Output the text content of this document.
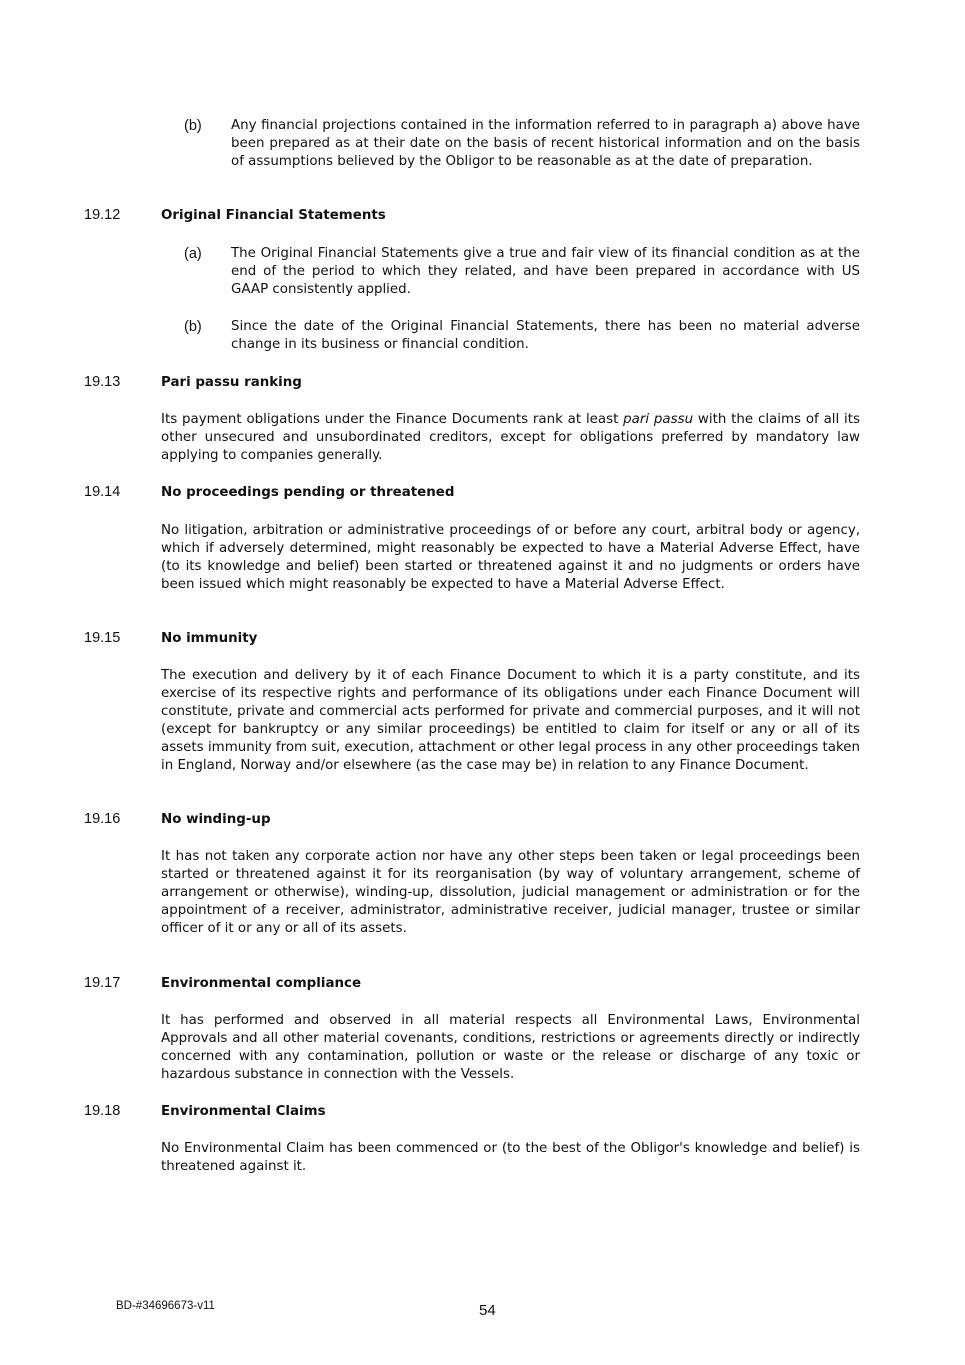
(b) Any financial projections contained in the information referred to in paragraph a) above have been prepared as at their date on the basis of recent historical information and on the basis of assumptions believed by the Obligor to be reasonable as at the date of preparation.
19.12	Original Financial Statements
(a) The Original Financial Statements give a true and fair view of its financial condition as at the end of the period to which they related, and have been prepared in accordance with US GAAP consistently applied.
(b) Since the date of the Original Financial Statements, there has been no material adverse change in its business or financial condition.
19.13	Pari passu ranking
Its payment obligations under the Finance Documents rank at least pari passu with the claims of all its other unsecured and unsubordinated creditors, except for obligations preferred by mandatory law applying to companies generally.
19.14	No proceedings pending or threatened
No litigation, arbitration or administrative proceedings of or before any court, arbitral body or agency, which if adversely determined, might reasonably be expected to have a Material Adverse Effect, have (to its knowledge and belief) been started or threatened against it and no judgments or orders have been issued which might reasonably be expected to have a Material Adverse Effect.
19.15	No immunity
The execution and delivery by it of each Finance Document to which it is a party constitute, and its exercise of its respective rights and performance of its obligations under each Finance Document will constitute, private and commercial acts performed for private and commercial purposes, and it will not (except for bankruptcy or any similar proceedings) be entitled to claim for itself or any or all of its assets immunity from suit, execution, attachment or other legal process in any other proceedings taken in England, Norway and/or elsewhere (as the case may be) in relation to any Finance Document.
19.16	No winding-up
It has not taken any corporate action nor have any other steps been taken or legal proceedings been started or threatened against it for its reorganisation (by way of voluntary arrangement, scheme of arrangement or otherwise), winding-up, dissolution, judicial management or administration or for the appointment of a receiver, administrator, administrative receiver, judicial manager, trustee or similar officer of it or any or all of its assets.
19.17	Environmental compliance
It has performed and observed in all material respects all Environmental Laws, Environmental Approvals and all other material covenants, conditions, restrictions or agreements directly or indirectly concerned with any contamination, pollution or waste or the release or discharge of any toxic or hazardous substance in connection with the Vessels.
19.18	Environmental Claims
No Environmental Claim has been commenced or (to the best of the Obligor's knowledge and belief) is threatened against it.
BD-#34696673-v11	54
